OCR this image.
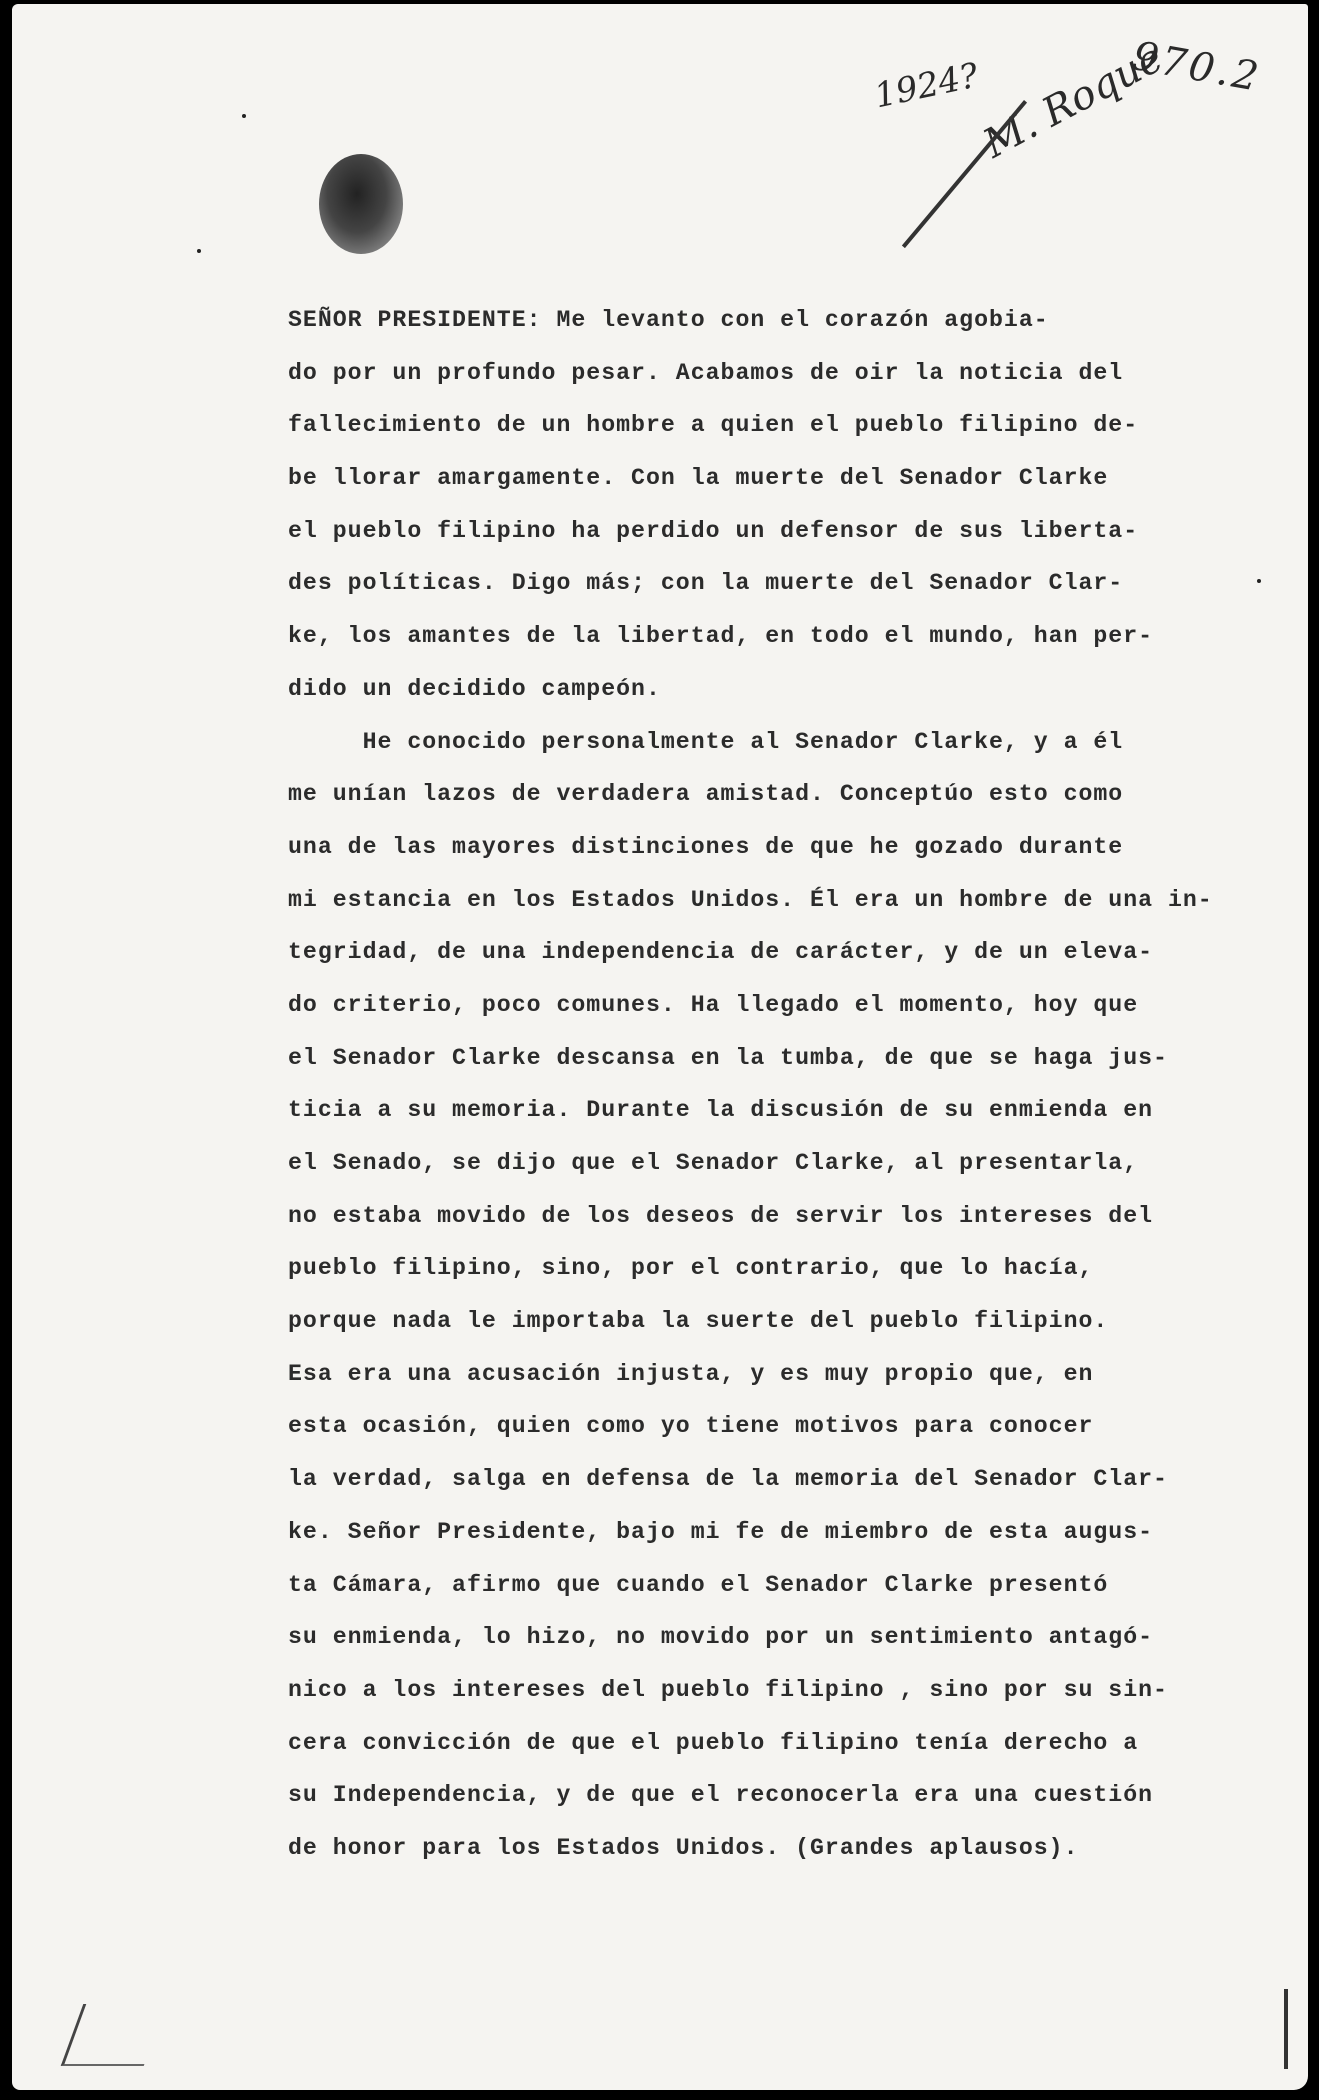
1924?	970.2
M. Roque
SEÑOR PRESIDENTE: Me levanto con el corazón agobia-
do por un profundo pesar. Acabamos de oir la noticia del
fallecimiento de un hombre a quien el pueblo filipino de-
be llorar amargamente. Con la muerte del Senador Clarke
el pueblo filipino ha perdido un defensor de sus liberta-
des políticas. Digo más; con la muerte del Senador Clar-
ke, los amantes de la libertad, en todo el mundo, han per-
dido un decidido campeón.
He conocido personalmente al Senador Clarke, y a él
me unían lazos de verdadera amistad. Conceptúo esto como
una de las mayores distinciones de que he gozado durante
mi estancia en los Estados Unidos. Él era un hombre de una in-
tegridad, de una independencia de carácter, y de un eleva-
do criterio, poco comunes. Ha llegado el momento, hoy que
el Senador Clarke descansa en la tumba, de que se haga jus-
ticia a su memoria. Durante la discusión de su enmienda en
el Senado, se dijo que el Senador Clarke, al presentarla,
no estaba movido de los deseos de servir los intereses del
pueblo filipino, sino, por el contrario, que lo hacía,
porque nada le importaba la suerte del pueblo filipino.
Esa era una acusación injusta, y es muy propio que, en
esta ocasión, quien como yo tiene motivos para conocer
la verdad, salga en defensa de la memoria del Senador Clar-
ke. Señor Presidente, bajo mi fe de miembro de esta augus-
ta Cámara, afirmo que cuando el Senador Clarke presentó
su enmienda, lo hizo, no movido por un sentimiento antagó-
nico a los intereses del pueblo filipino , sino por su sin-
cera convicción de que el pueblo filipino tenía derecho a
su Independencia, y de que el reconocerla era una cuestión
de honor para los Estados Unidos. (Grandes aplausos).
